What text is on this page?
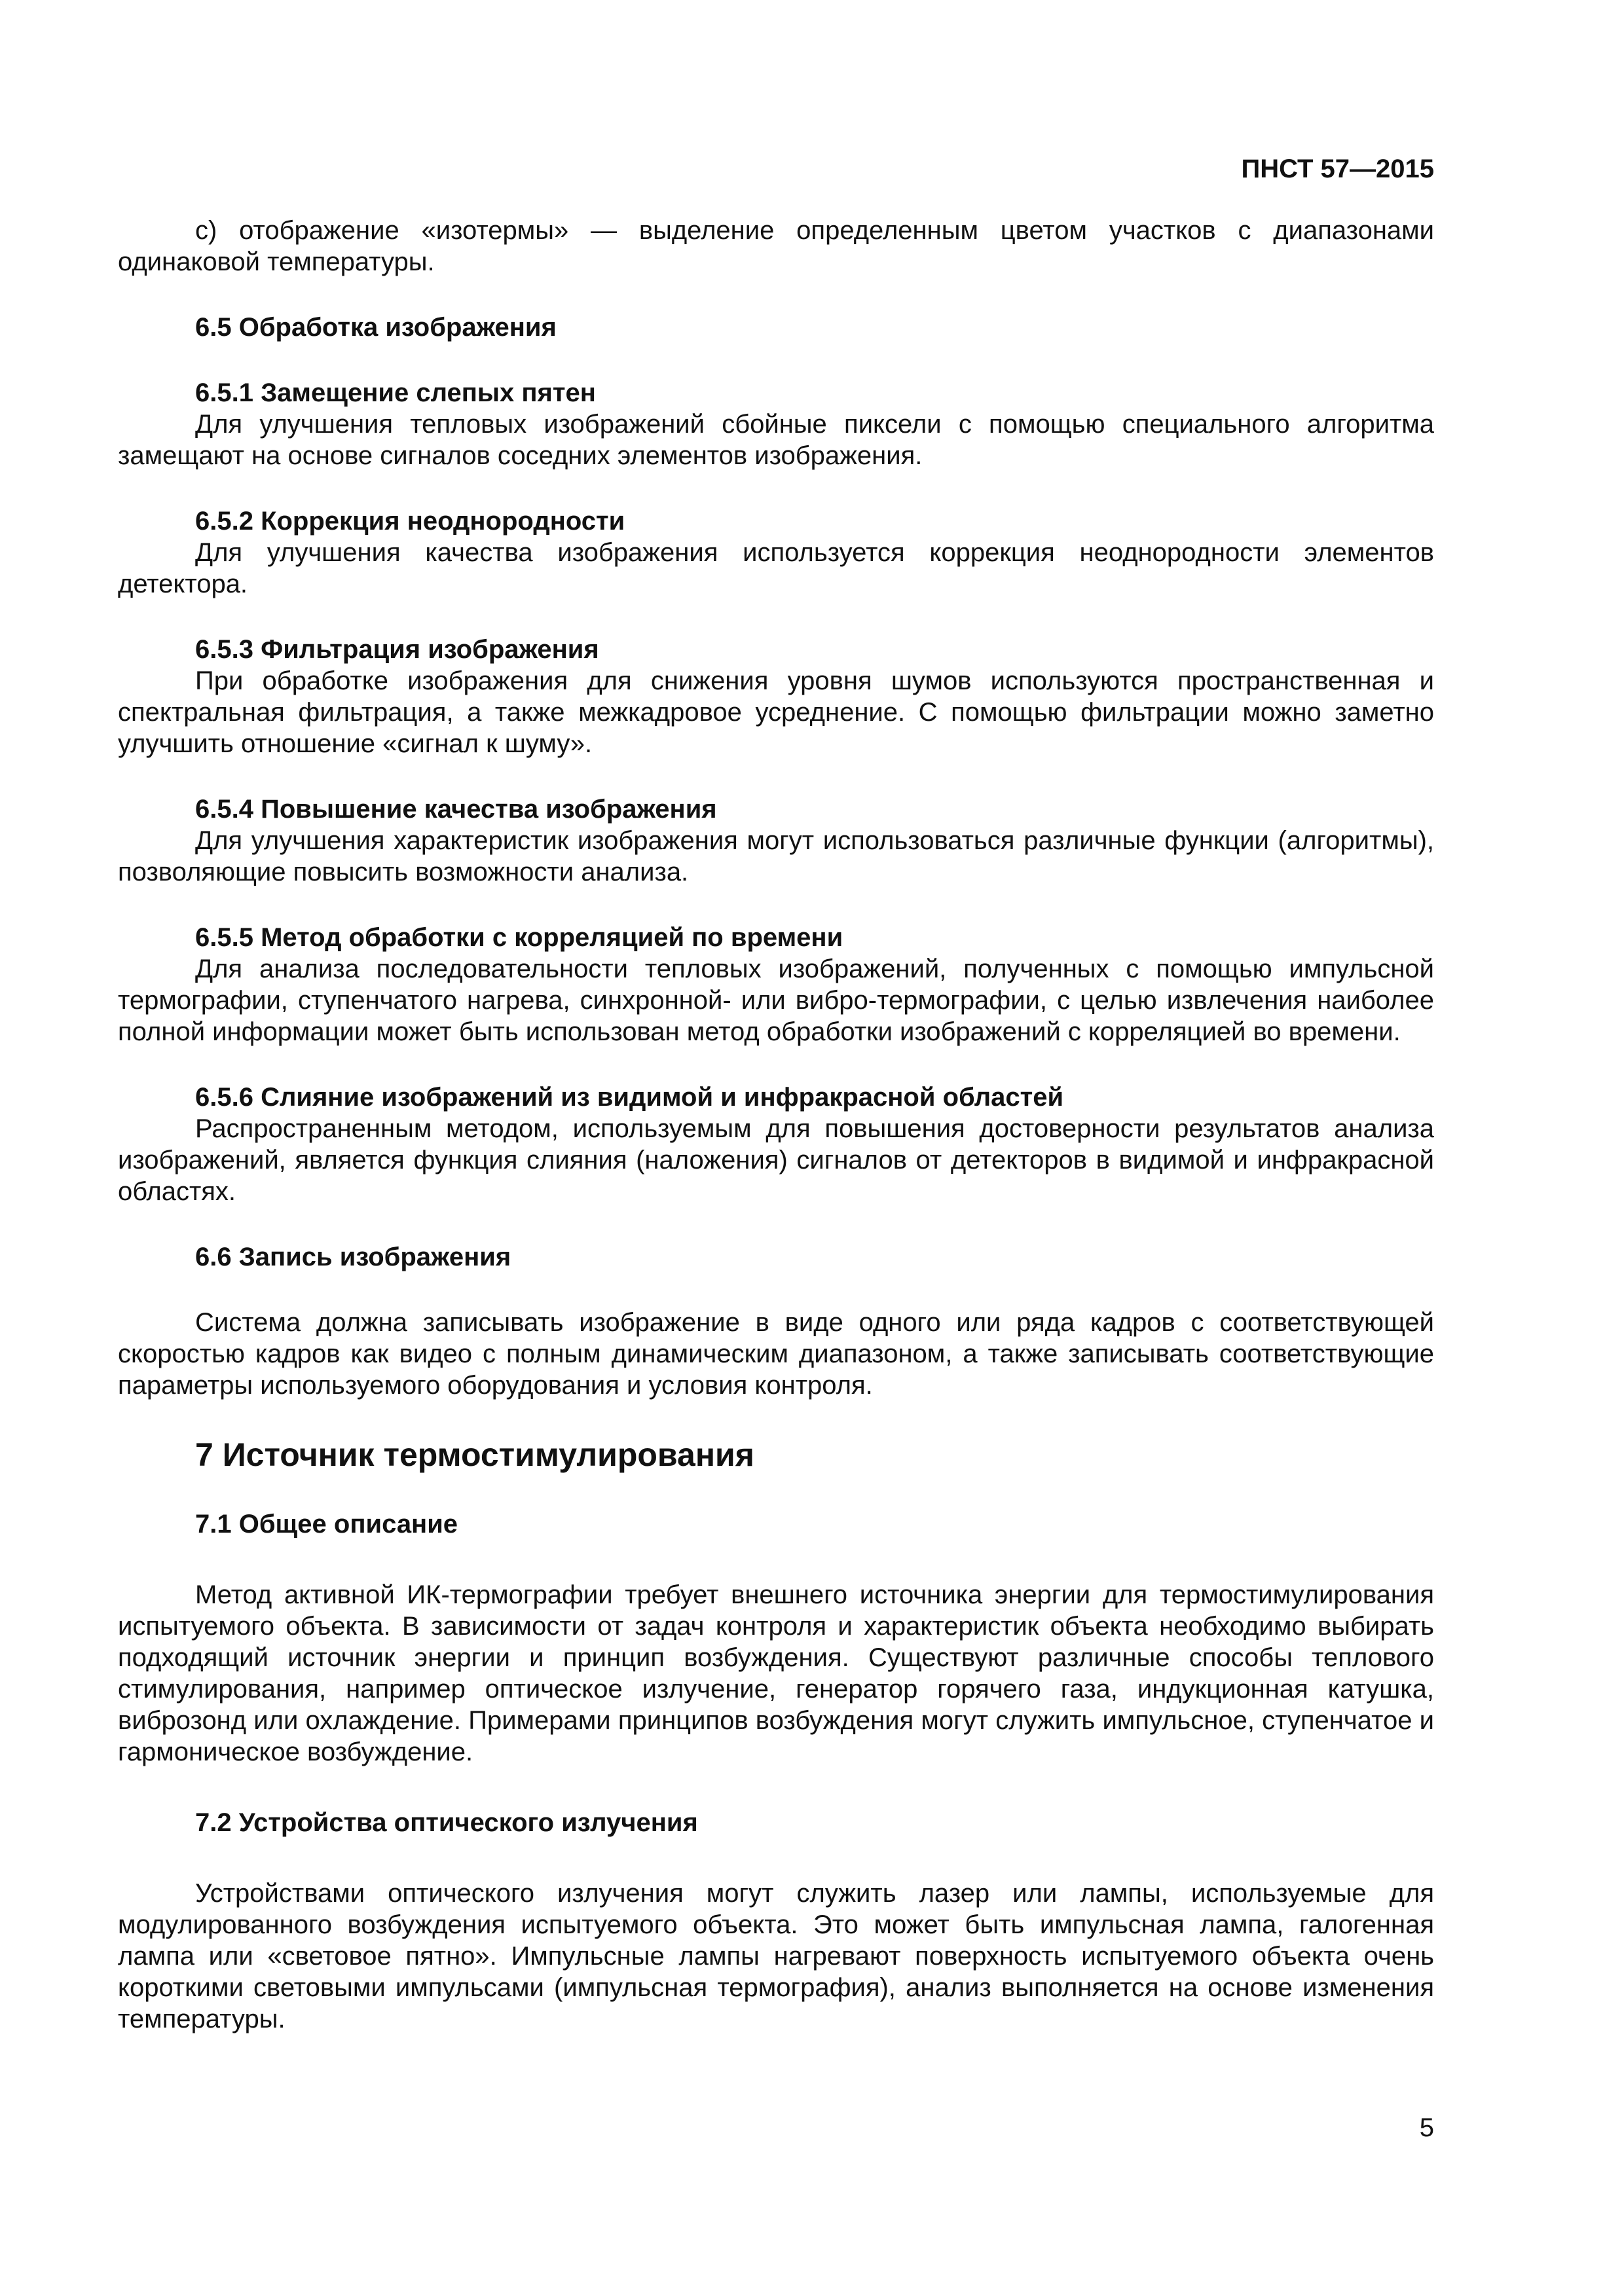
ПНСТ 57—2015

c) отображение «изотермы» — выделение определенным цветом участков с диапазонами одинаковой температуры.

6.5 Обработка изображения
6.5.1 Замещение слепых пятен

Для улучшения тепловых изображений сбойные пиксели с помощью специального алгоритма замещают на основе сигналов соседних элементов изображения.

6.5.2 Коррекция неоднородности

Для улучшения качества изображения используется коррекция неоднородности элементов детектора.

6.5.3 Фильтрация изображения

При обработке изображения для снижения уровня шумов используются пространственная и спектральная фильтрация, а также межкадровое усреднение. С помощью фильтрации можно заметно улучшить отношение «сигнал к шуму».

6.5.4 Повышение качества изображения

Для улучшения характеристик изображения могут использоваться различные функции (алгоритмы), позволяющие повысить возможности анализа.

6.5.5 Метод обработки с корреляцией по времени

Для анализа последовательности тепловых изображений, полученных с помощью импульсной термографии, ступенчатого нагрева, синхронной- или вибро-термографии, с целью извлечения наиболее полной информации может быть использован метод обработки изображений с корреляцией во времени.

6.5.6 Слияние изображений из видимой и инфракрасной областей

Распространенным методом, используемым для повышения достоверности результатов анализа изображений, является функция слияния (наложения) сигналов от детекторов в видимой и инфракрасной областях.

6.6 Запись изображения

Система должна записывать изображение в виде одного или ряда кадров с соответствующей скоростью кадров как видео с полным динамическим диапазоном, а также записывать соответствующие параметры используемого оборудования и условия контроля.

7 Источник термостимулирования
7.1 Общее описание

Метод активной ИК-термографии требует внешнего источника энергии для термостимулирования испытуемого объекта. В зависимости от задач контроля и характеристик объекта необходимо выбирать подходящий источник энергии и принцип возбуждения. Существуют различные способы теплового стимулирования, например оптическое излучение, генератор горячего газа, индукционная катушка, виброзонд или охлаждение. Примерами принципов возбуждения могут служить импульсное, ступенчатое и гармоническое возбуждение.

7.2 Устройства оптического излучения

Устройствами оптического излучения могут служить лазер или лампы, используемые для модулированного возбуждения испытуемого объекта. Это может быть импульсная лампа, галогенная лампа или «световое пятно». Импульсные лампы нагревают поверхность испытуемого объекта очень короткими световыми импульсами (импульсная термография), анализ выполняется на основе изменения температуры.

5
